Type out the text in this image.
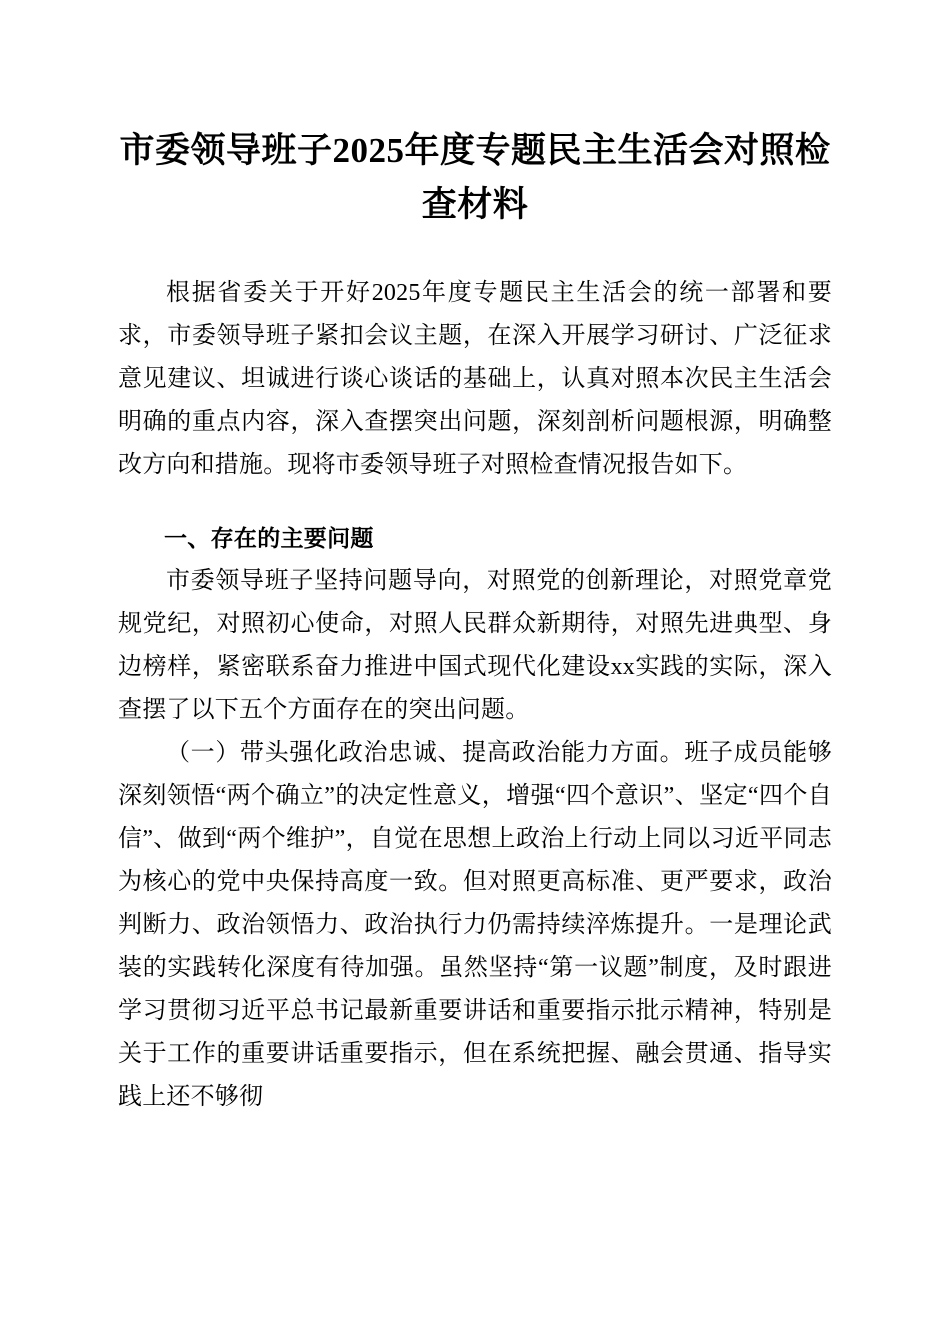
市委领导班子2025年度专题民主生活会对照检查材料

根据省委关于开好2025年度专题民主生活会的统一部署和要求，市委领导班子紧扣会议主题，在深入开展学习研讨、广泛征求意见建议、坦诚进行谈心谈话的基础上，认真对照本次民主生活会明确的重点内容，深入查摆突出问题，深刻剖析问题根源，明确整改方向和措施。现将市委领导班子对照检查情况报告如下。

一、存在的主要问题

市委领导班子坚持问题导向，对照党的创新理论，对照党章党规党纪，对照初心使命，对照人民群众新期待，对照先进典型、身边榜样，紧密联系奋力推进中国式现代化建设xx实践的实际，深入查摆了以下五个方面存在的突出问题。

（一）带头强化政治忠诚、提高政治能力方面。班子成员能够深刻领悟“两个确立”的决定性意义，增强“四个意识”、坚定“四个自信”、做到“两个维护”，自觉在思想上政治上行动上同以习近平同志为核心的党中央保持高度一致。但对照更高标准、更严要求，政治判断力、政治领悟力、政治执行力仍需持续淬炼提升。一是理论武装的实践转化深度有待加强。虽然坚持“第一议题”制度，及时跟进学习贯彻习近平总书记最新重要讲话和重要指示批示精神，特别是关于工作的重要讲话重要指示，但在系统把握、融会贯通、指导实践上还不够彻
